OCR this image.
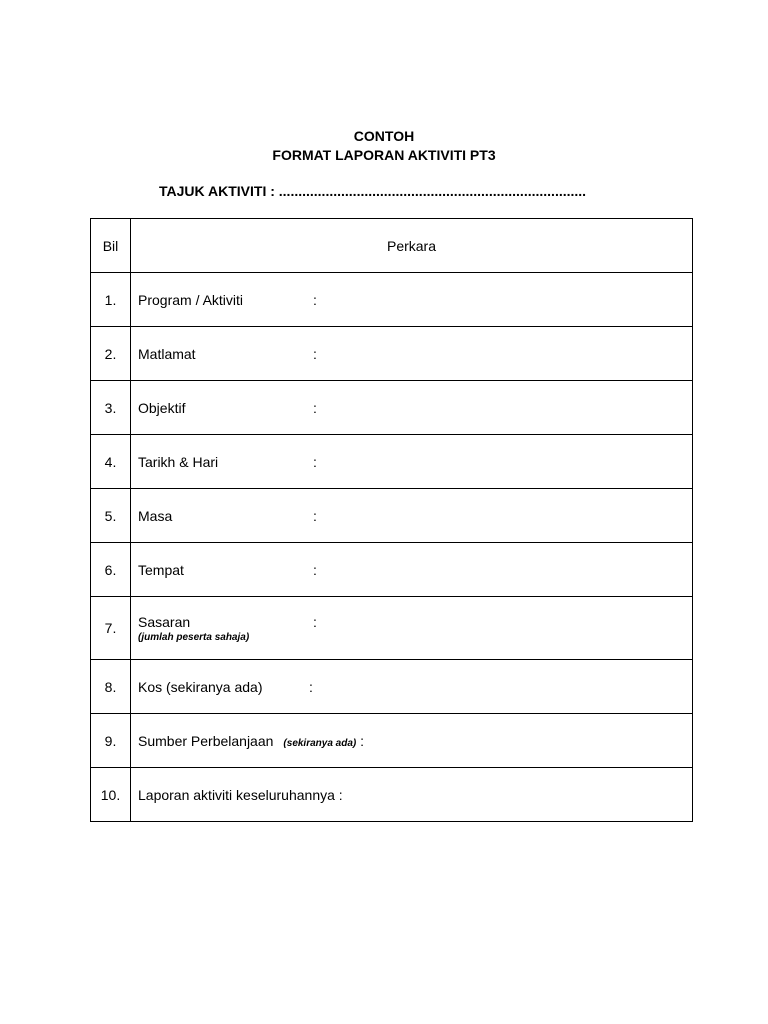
CONTOH
FORMAT LAPORAN AKTIVITI PT3
TAJUK AKTIVITI : ...............................................................................
Bil	Perkara
1.	Program / Aktiviti :

2.	Matlamat :

3.	Objektif :

4.	Tarikh & Hari :

5.	Masa :

6.	Tempat :

7.	Sasaran :
(jumlah peserta sahaja)

8.	Kos (sekiranya ada) :

9.	Sumber Perbelanjaan (sekiranya ada) :

10.	Laporan aktiviti keseluruhannya :
